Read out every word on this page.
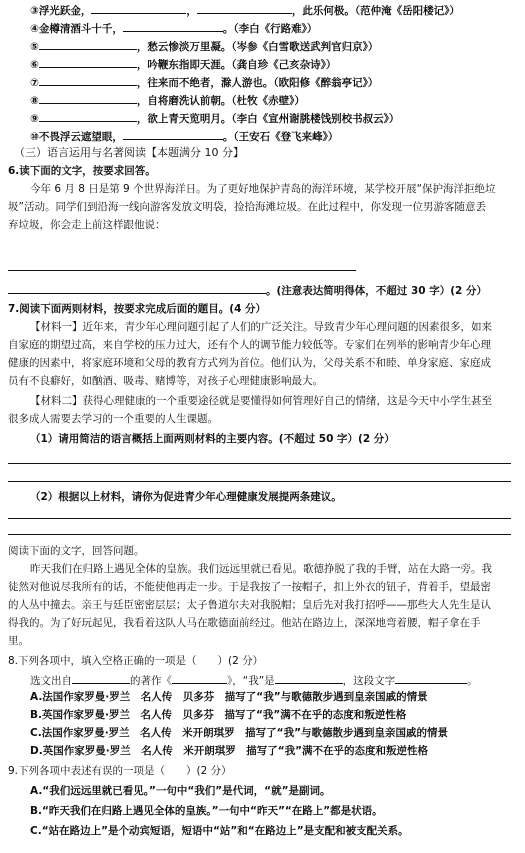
③浮光跃金，	，	，此乐何极。（范仲淹《岳阳楼记》）
④金樽清酒斗十千，	。（李白《行路难》）
⑤	，愁云惨淡万里凝。（岑参《白雪歌送武判官归京》）
⑥	，吟鞭东指即天涯。（龚自珍《己亥杂诗》）
⑦	，往来而不绝者，滁人游也。（欧阳修《醉翁亭记》）
⑧	，自将磨洗认前朝。（杜牧《赤壁》）
⑨	，欲上青天览明月。（李白《宣州谢朓楼饯别校书叔云》）
⑩不畏浮云遮望眼，	。（王安石《登飞来峰》）
（三）语言运用与名著阅读【本题满分 10 分】
6.读下面的文字，按要求回答。
今年 6 月 8 日是第 9 个世界海洋日。为了更好地保护青岛的海洋环境，某学校开展“保护海洋拒绝垃
圾”活动。同学们到沿海一线向游客发放文明袋，捡拾海滩垃圾。在此过程中，你发现一位男游客随意丢
弃垃圾，你会走上前这样跟他说：
。(注意表达简明得体，不超过 30 字）(2 分）
7.阅读下面两则材料，按要求完成后面的题目。(4 分）
【材料一】近年来，青少年心理问题引起了人们的广泛关注。导致青少年心理问题的因素很多，如来
自家庭的期望过高，来自学校的压力过大，还有个人的调节能力较低等。专家们在列举的影响青少年心理
健康的因素中，将家庭环境和父母的教育方式列为首位。他们认为，父母关系不和睦、单身家庭、家庭成
员有不良癖好，如酗酒、吸毒、赌博等，对孩子心理健康影响最大。
【材料二】获得心理健康的一个重要途径就是要懂得如何管理好自己的情绪，这是今天中小学生甚至
很多成人需要去学习的一个重要的人生课题。
（1）请用简洁的语言概括上面两则材料的主要内容。(不超过 50 字）(2 分）
（2）根据以上材料，请你为促进青少年心理健康发展提两条建议。
阅读下面的文字，回答问题。
昨天我们在归路上遇见全体的皇族。我们远远里就已看见。歌德挣脱了我的手臂，站在大路一旁。我
徒然对他说尽我所有的话，不能使他再走一步。于是我按了一按帽子，扣上外衣的钮子，背着手，望最密
的人丛中撞去。亲王与廷臣密密层层；太子鲁道尔夫对我脱帽；皇后先对我打招呼——那些大人先生是认
得我的。为了好玩起见，我看着这队人马在歌德面前经过。他站在路边上，深深地弯着腰，帽子拿在手
里。
8.下列各项中，填入空格正确的一项是（　　）(2 分）
选文出自	的著作《	》，“我”是	，这段文字	。
A.法国作家罗曼·罗兰　名人传　贝多芬　描写了“我”与歌德散步遇到皇亲国戚的情景
B.英国作家罗曼·罗兰　名人传　贝多芬　描写了“我”满不在乎的态度和叛逆性格
C.法国作家罗曼·罗兰　名人传　米开朗琪罗　描写了“我”与歌德散步遇到皇亲国戚的情景
D.英国作家罗曼·罗兰　名人传　米开朗琪罗　描写了“我”满不在乎的态度和叛逆性格
9.下列各项中表述有误的一项是（　　）(2 分）
A.“我们远远里就已看见。”一句中“我们”是代词，“就”是副词。
B.“昨天我们在归路上遇见全体的皇族。”一句中“昨天”“在路上”都是状语。
C.“站在路边上”是个动宾短语，短语中“站”和“在路边上”是支配和被支配关系。
